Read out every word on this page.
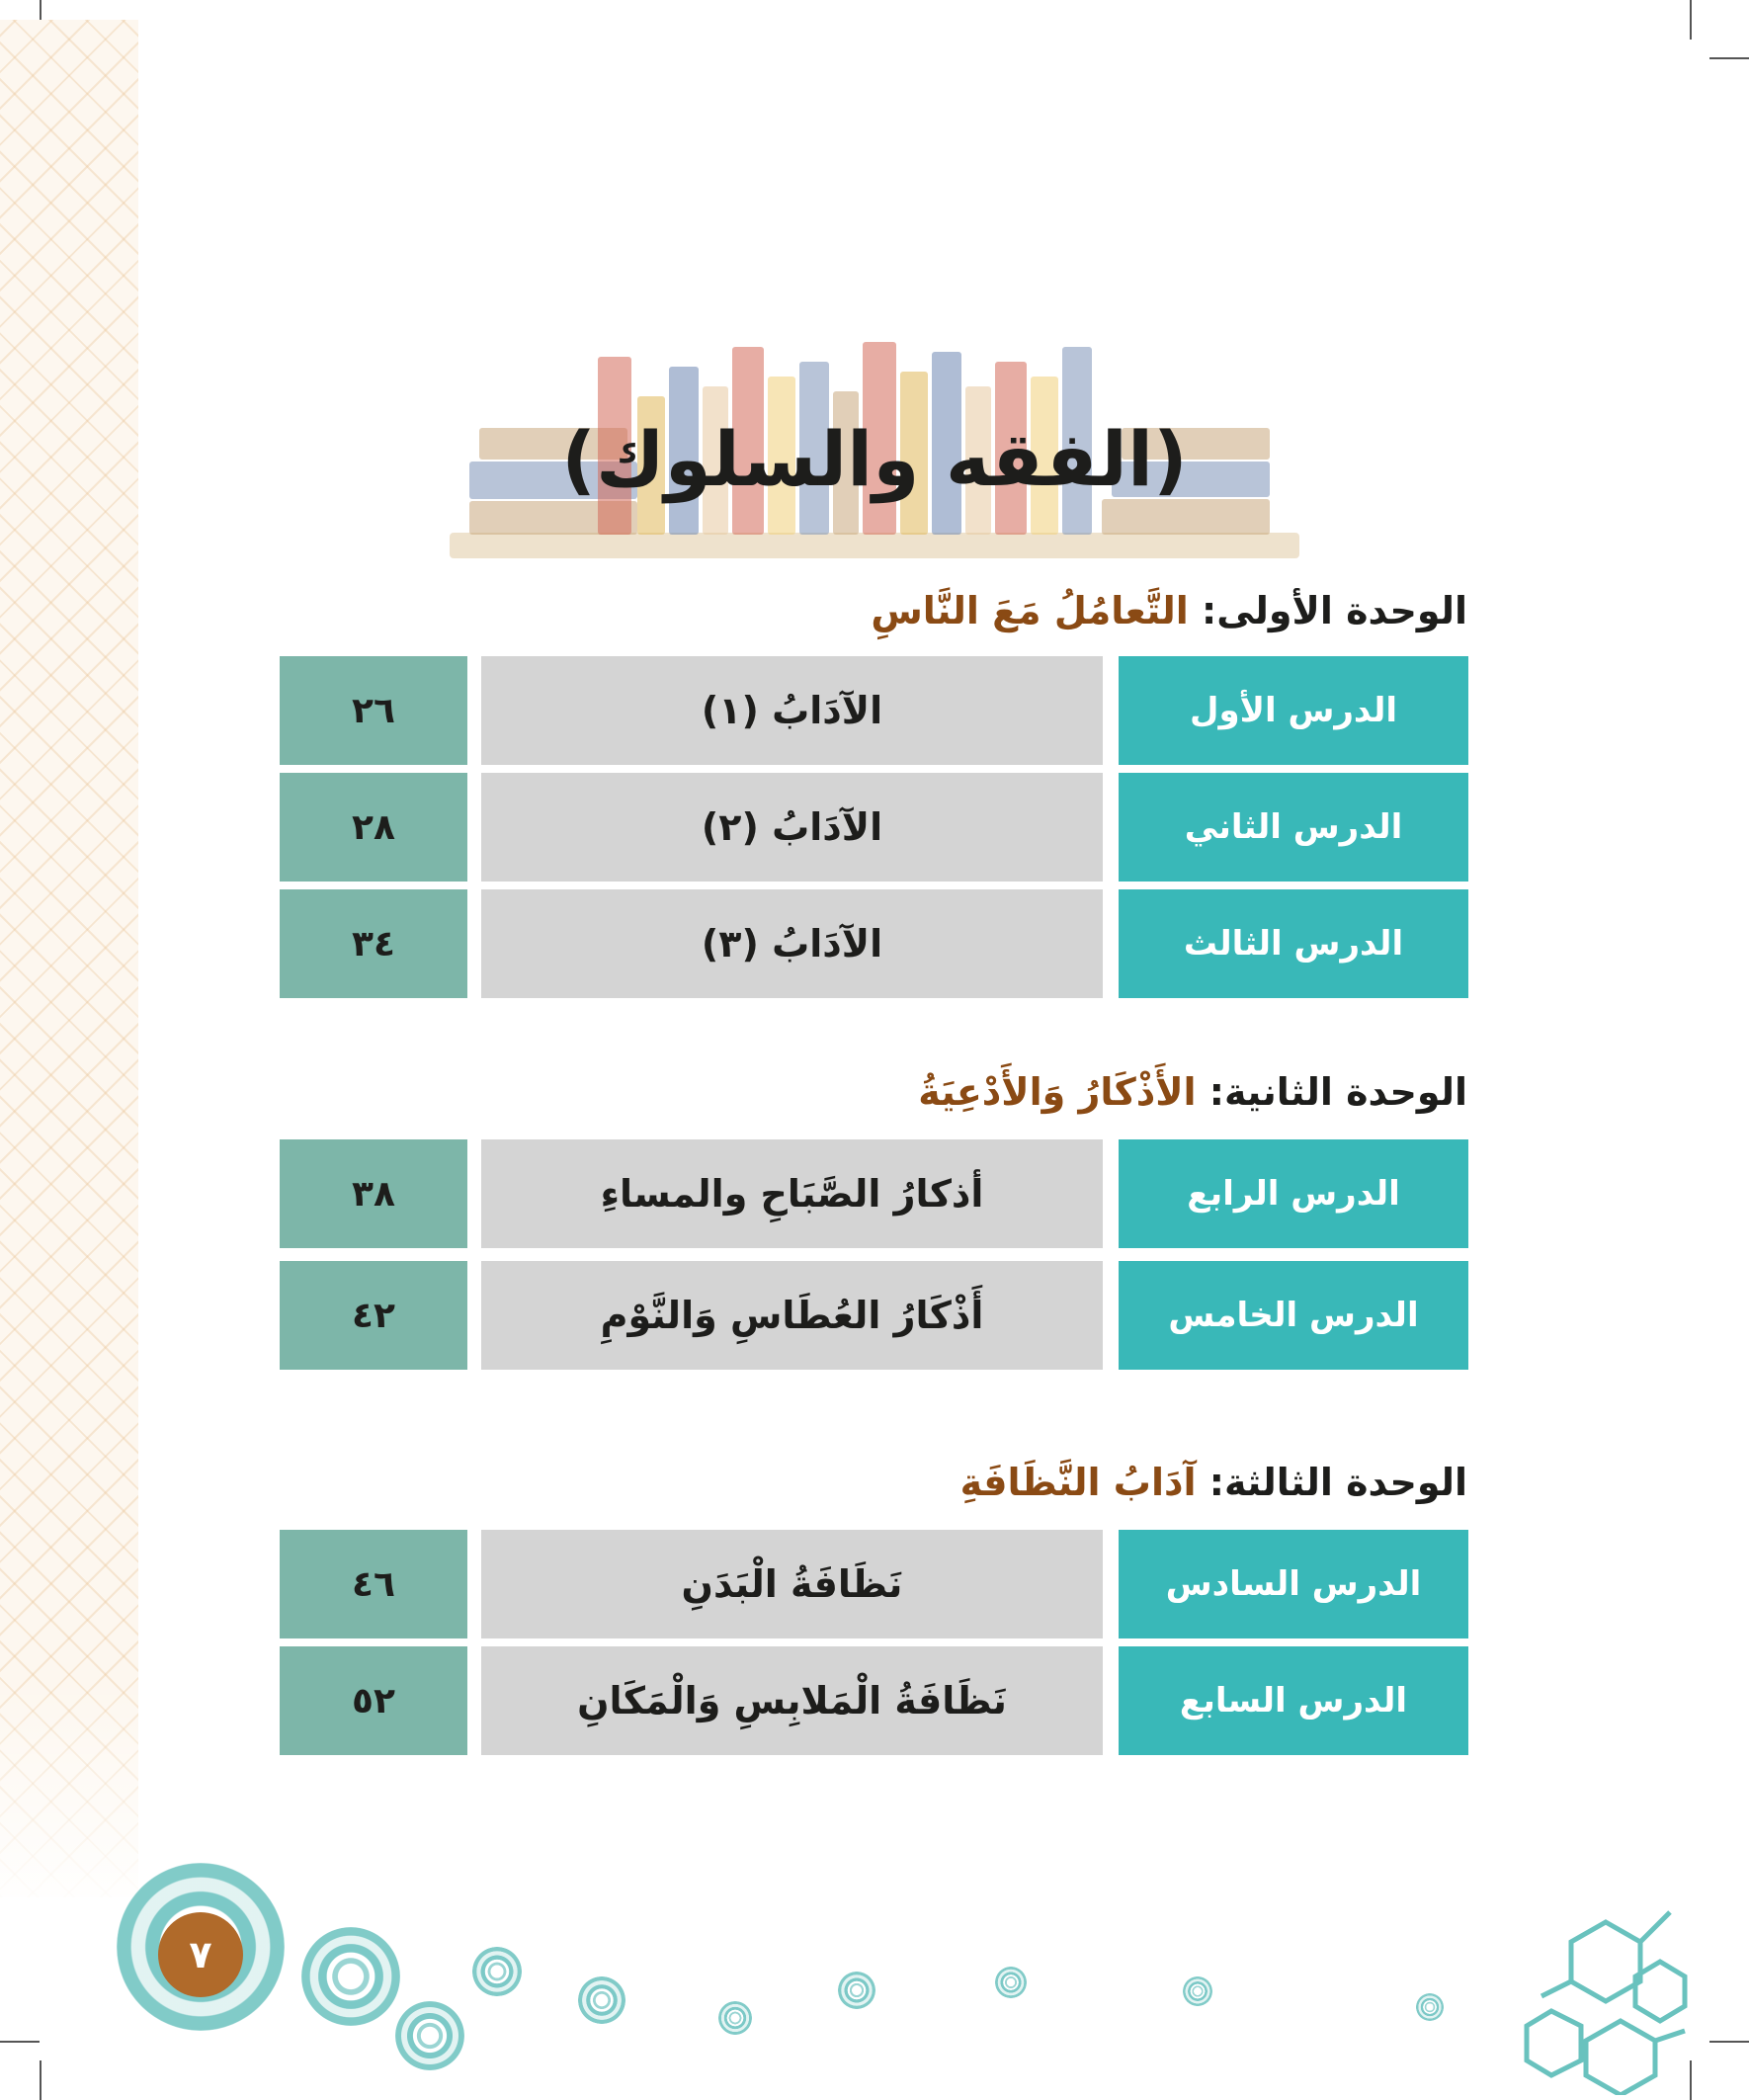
(الفقه والسلوك)
الوحدة الأولى: التَّعامُلُ مَعَ النَّاسِ
الدرس الأول
الآدَابُ (١)
٢٦
الدرس الثاني
الآدَابُ (٢)
٢٨
الدرس الثالث
الآدَابُ (٣)
٣٤
الوحدة الثانية: الأَذْكَارُ وَالأَدْعِيَةُ
الدرس الرابع
أذكارُ الصَّبَاحِ والمساءِ
٣٨
الدرس الخامس
أَذْكَارُ العُطَاسِ وَالنَّوْمِ
٤٢
الوحدة الثالثة: آدَابُ النَّظَافَةِ
الدرس السادس
نَظَافَةُ الْبَدَنِ
٤٦
الدرس السابع
نَظَافَةُ الْمَلابِسِ وَالْمَكَانِ
٥٢
٧
